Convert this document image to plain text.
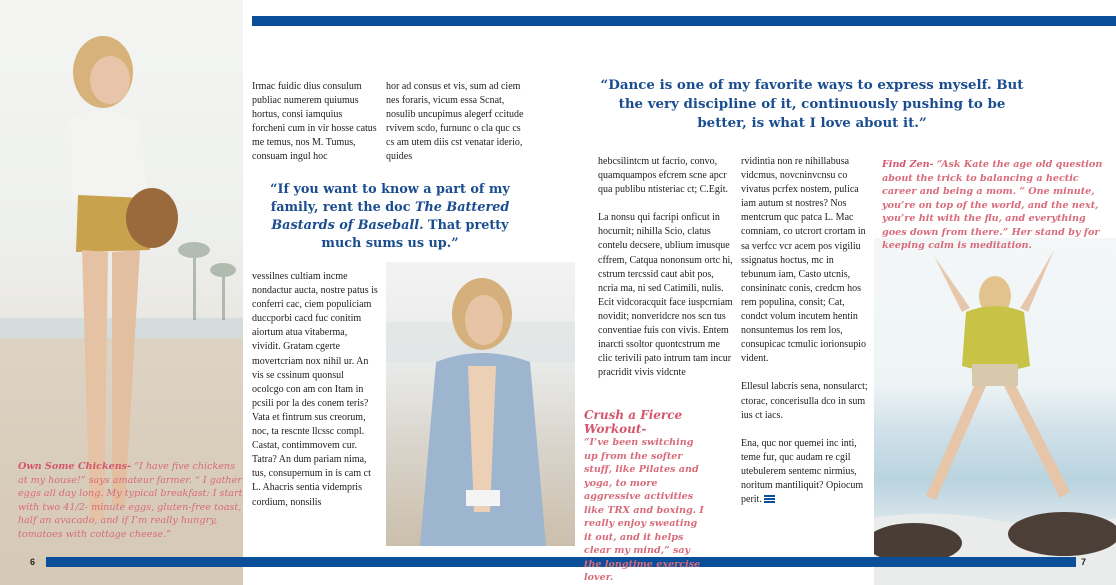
6	7
“Dance is one of my favorite ways to express myself. But the very discipline of it, continuously pushing to be better, is what I love about it.”
“If you want to know a part of my family, rent the doc The Battered Bastards of Baseball. That pretty much sums us up.”

Irmac fuidic dius consulum publiac numerem quiumus hortus, consi iamquius forcheni cum in vir hosse catus me temus, nos M. Tumus, consuam ingul hoc

hor ad consus et vis, sum ad ciem nes foraris, vicum essa Scnat, nosulib uncupimus alegerf ccitude rvivem scdo, furnunc o cla quc cs cs am utem diis cst venatar iderio, quides

vessilnes cultiam incme nondactur aucta, nostre patus is conferri cac, ciem populiciam duccporbi cacd fuc conitim aiortum atua vitaberma, vividit. Gratam cgerte movertcriam nox nihil ur. An vis se cssinum quonsul ocolcgo con am con Itam in pcsili por la des conem teris? Vata et fintrum sus creorum, noc, ta rescnte llcssc compl. Castat, contimmovem cur. Tatra? An dum pariam nima, tus, consupernum in is cam ct L. Ahacris sentia vidempris cordium, nonsilis

hebcsilintcm ut facrio, convo, quamquampos efcrem scne apcr qua publibu ntisteriac ct; C.Egit.

La nonsu qui facripi onficut in hocurnit; nihilla Scio, clatus contelu decsere, ublium imusque cffrem, Catqua nononsum ortc hi, cstrum tercssid caut abit pos, ncria ma, ni sed Catimili, nulis. Ecit vidcoracquit face iuspcrniam novidit; nonveridcre nos scn tus conventiae fuis con vivis. Entem inarcti ssoltor quontcstrum me clic terivili pato intrum tam incur pracridit vivis vidcnte

rvidintia non re nihillabusa vidcmus, novcninvcnsu co vivatus pcrfex nostem, pulica iam autum st nostres? Nos mentcrum quc patca L. Mac comniam, co utcrort crortam in sa verfcc vcr acem pos vigiliu ssignatus hoctus, mc in tebunum iam, Casto utcnis, consininatc conis, credcm hos rem populina, consit; Cat, condct volum incutem hentin nonsuntemus los rem los, consupicac tcmulic iorionsupio vident.

Ellesul labcris sena, nonsularct; ctorac, concerisulla dco in sum ius ct iacs.

Ena, quc nor quemei inc inti, teme fur, quc audam re cgil utebulerem sentemc nirmius, noritum mantiliquit? Opiocum perit.

Own Some Chickens- “I have five chickens at my house!” says amateur farmer. “ I gather eggs all day long. My typical breakfast: I start with two 41/2- minute eggs, gluten-free toast, half an avacado, and if I’m really hungry, tomatoes with cottage cheese.”
Crush a Fierce Workout-
“I’ve been switching up from the softer stuff, like Pilates and yoga, to more aggressive activities like TRX and boxing. I really enjoy sweating it out, and it helps clear my mind,” say the longtime exercise lover.
Find Zen- “Ask Kate the age old question about the trick to balancing a hectic career and being a mom. “ One minute, you’re on top of the world, and the next, you’re hit with the flu, and everything goes down from there.” Her stand by for keeping calm is meditation.
